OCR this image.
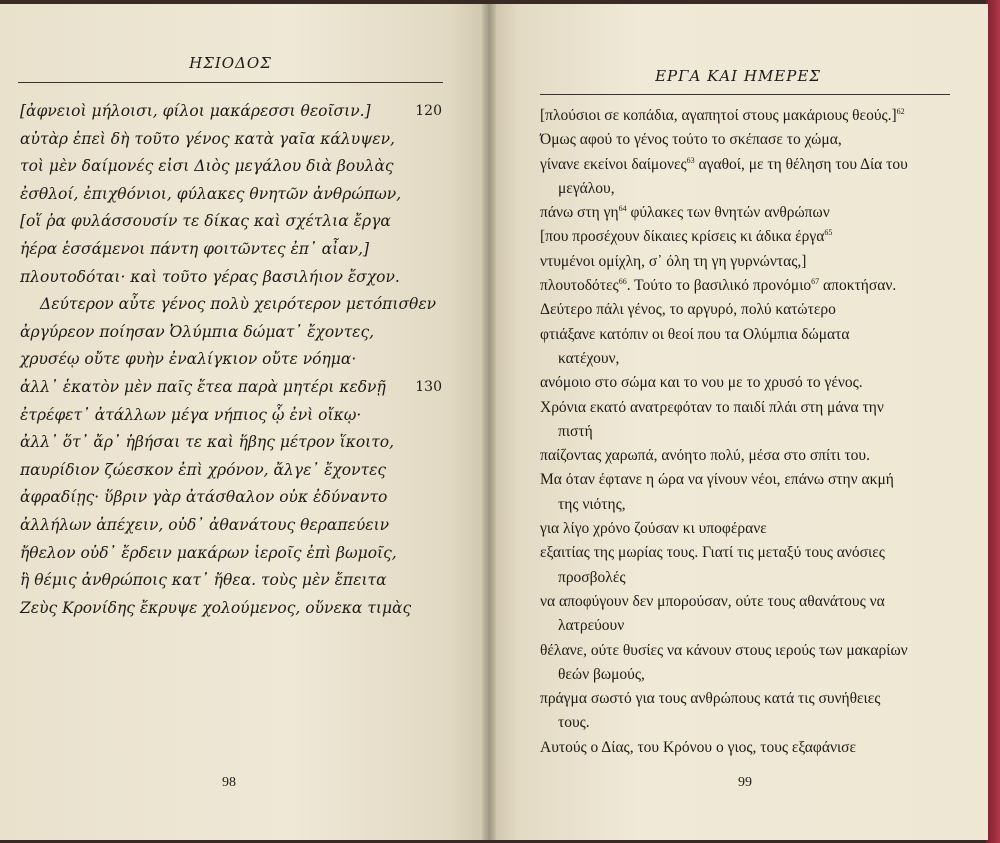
ΗΣΙΟΔΟΣ
[ἀφνειοὶ μήλοισι, φίλοι μακάρεσσι θεοῖσιν.]	120
αὐτὰρ ἐπεὶ δὴ τοῦτο γένος κατὰ γαῖα κάλυψεν,
τοὶ μὲν δαίμονές εἰσι Διὸς μεγάλου διὰ βουλὰς
ἐσθλοί, ἐπιχθόνιοι, φύλακες θνητῶν ἀνθρώπων,
[οἵ ῥα φυλάσσουσίν τε δίκας καὶ σχέτλια ἔργα
ἠέρα ἑσσάμενοι πάντη φοιτῶντες ἐπ᾽ αἶαν,]
πλουτοδόται· καὶ τοῦτο γέρας βασιλήιον ἔσχον.
Δεύτερον αὖτε γένος πολὺ χειρότερον μετόπισθεν
ἀργύρεον ποίησαν Ὀλύμπια δώματ᾽ ἔχοντες,
χρυσέῳ οὔτε φυὴν ἐναλίγκιον οὔτε νόημα·
ἀλλ᾽ ἑκατὸν μὲν παῖς ἔτεα παρὰ μητέρι κεδνῇ 130
ἐτρέφετ᾽ ἀτάλλων μέγα νήπιος ᾧ ἐνὶ οἴκῳ·
ἀλλ᾽ ὅτ᾽ ἄρ᾽ ἡβήσαι τε καὶ ἥβης μέτρον ἵκοιτο,
παυρίδιον ζώεσκον ἐπὶ χρόνον, ἄλγε᾽ ἔχοντες
ἀφραδίῃς· ὕβριν γὰρ ἀτάσθαλον οὐκ ἐδύναντο
ἀλλήλων ἀπέχειν, οὐδ᾽ ἀθανάτους θεραπεύειν
ἤθελον οὐδ᾽ ἔρδειν μακάρων ἱεροῖς ἐπὶ βωμοῖς,
ἣ θέμις ἀνθρώποις κατ᾽ ἤθεα. τοὺς μὲν ἔπειτα
Ζεὺς Κρονίδης ἔκρυψε χολούμενος, οὕνεκα τιμὰς
98
ΕΡΓΑ ΚΑΙ ΗΜΕΡΕΣ
[πλούσιοι σε κοπάδια, αγαπητοί στους μακάριους θεούς.]$^{62}$
Όμως αφού το γένος τούτο το σκέπασε το χώμα,
γίνανε εκείνοι δαίμονες$^{63}$ αγαθοί, με τη θέληση του Δία του
μεγάλου,
πάνω στη $\gamma\eta^{64}$ φύλακες των θνητών ανθρώπων
[που προσέχουν δίκαιες κρίσεις κι άδικα έργα$^{65}$
ντυμένοι ομίχλη, σ᾽ όλη τη γη γυρνώντας,]
πλουτοδότες$^{66}$. Τούτο το βασιλικό προνόμιο$^{67}$ αποκτήσαν.
Δεύτερο πάλι γένος, το αργυρό, πολύ κατώτερο
φτιάξανε κατόπιν οι θεοί που τα Ολύμπια δώματα
κατέχουν,
ανόμοιο στο σώμα και το νου με το χρυσό το γένος.
Χρόνια εκατό ανατρεφόταν το παιδί πλάι στη μάνα την
πιστή
παίζοντας χαρωπά, ανόητο πολύ, μέσα στο σπίτι του.
Μα όταν έφτανε η ώρα να γίνουν νέοι, επάνω στην ακμή
της νιότης,
για λίγο χρόνο ζούσαν κι υποφέρανε
εξαιτίας της μωρίας τους. Γιατί τις μεταξύ τους ανόσιες
προσβολές
να αποφύγουν δεν μπορούσαν, ούτε τους αθανάτους να
λατρεύουν
θέλανε, ούτε θυσίες να κάνουν στους ιερούς των μακαρίων
θεών βωμούς,
πράγμα σωστό για τους ανθρώπους κατά τις συνήθειες
τους.
Αυτούς ο Δίας, του Κρόνου ο γιος, τους εξαφάνισε
99
